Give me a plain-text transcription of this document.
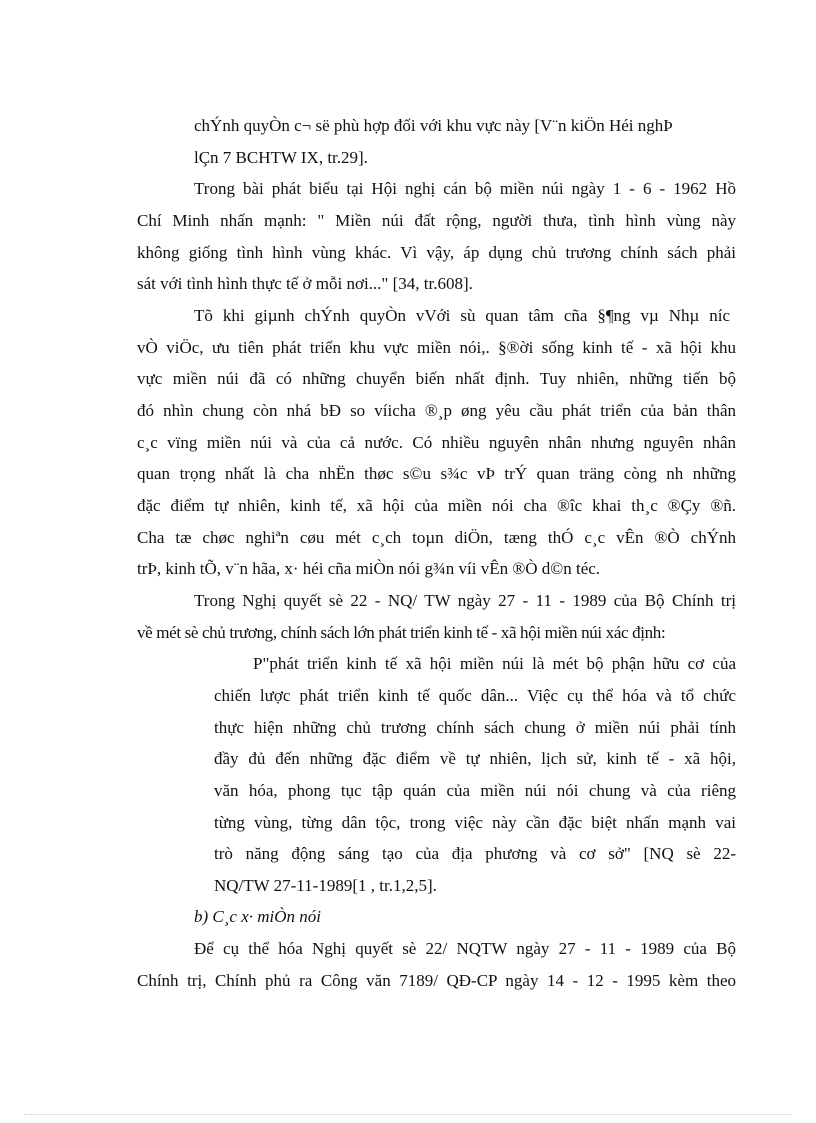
chÝnh quyÒn c¬ së phù hợp đối với khu vực này [V¨n kiÖn Héi nghÞ
lÇn 7 BCHTW IX, tr.29].
Trong bài phát biểu tại Hội nghị cán bộ miền núi ngày 1 - 6 - 1962 Hồ
Chí Minh nhấn mạnh: " Miền núi đất rộng, người thưa, tình hình vùng này
không giống tình hình vùng khác. Vì vậy, áp dụng chủ trương chính sách phải
sát với tình hình thực tế ở mỗi nơi..." [34, tr.608].
Tõ khi giµnh chÝnh quyÒn vVới sù quan tâm cña §¶ng vµ Nhµ níc
vÒ viÖc, ưu tiên phát triển khu vực miền nói,. §®ời sống kinh tế - xã hội khu
vực miền núi đã có những chuyển biến nhất định. Tuy nhiên, những tiến bộ
đó nhìn chung còn nhá bĐ so víicha ®¸p øng yêu cầu phát triển của bản thân
c¸c vïng miền núi và của cả nước. Có nhiều nguyên nhân nhưng nguyên nhân
quan trọng nhất là cha nhËn thøc s©u s¾c vÞ trÝ quan träng còng nh những
đặc điểm tự nhiên, kinh tế, xã hội của miền nói cha ®îc khai th¸c ®Çy ®ñ.
Cha tæ chøc nghiªn cøu mét c¸ch toµn diÖn, tæng thÓ c¸c vÊn ®Ò chÝnh
trÞ, kinh tÕ, v¨n hãa, x· héi cña miÒn nói g¾n víi vÊn ®Ò d©n téc.
Trong Nghị quyết sè 22 - NQ/ TW ngày 27 - 11 - 1989 của Bộ Chính trị
về mét sè chủ trương, chính sách lớn phát triển kinh tế - xã hội miền núi xác định:
P"phát triển kinh tế xã hội miền núi là mét bộ phận hữu cơ của
chiến lược phát triển kinh tế quốc dân... Việc cụ thể hóa và tổ chức
thực hiện những chủ trương chính sách chung ở miền núi phải tính
đầy đủ đến những đặc điểm về tự nhiên, lịch sử, kinh tế - xã hội,
văn hóa, phong tục tập quán của miền núi nói chung và của riêng
từng vùng, từng dân tộc, trong việc này cần đặc biệt nhấn mạnh vai
trò năng động sáng tạo của địa phương và cơ sở" [NQ sè 22-
NQ/TW 27-11-1989[1 , tr.1,2,5].
b) C¸c x· miÒn nói
Để cụ thể hóa Nghị quyết sè 22/ NQTW ngày 27 - 11 - 1989 của Bộ
Chính trị, Chính phủ ra Công văn 7189/ QĐ-CP ngày 14 - 12 - 1995 kèm theo
